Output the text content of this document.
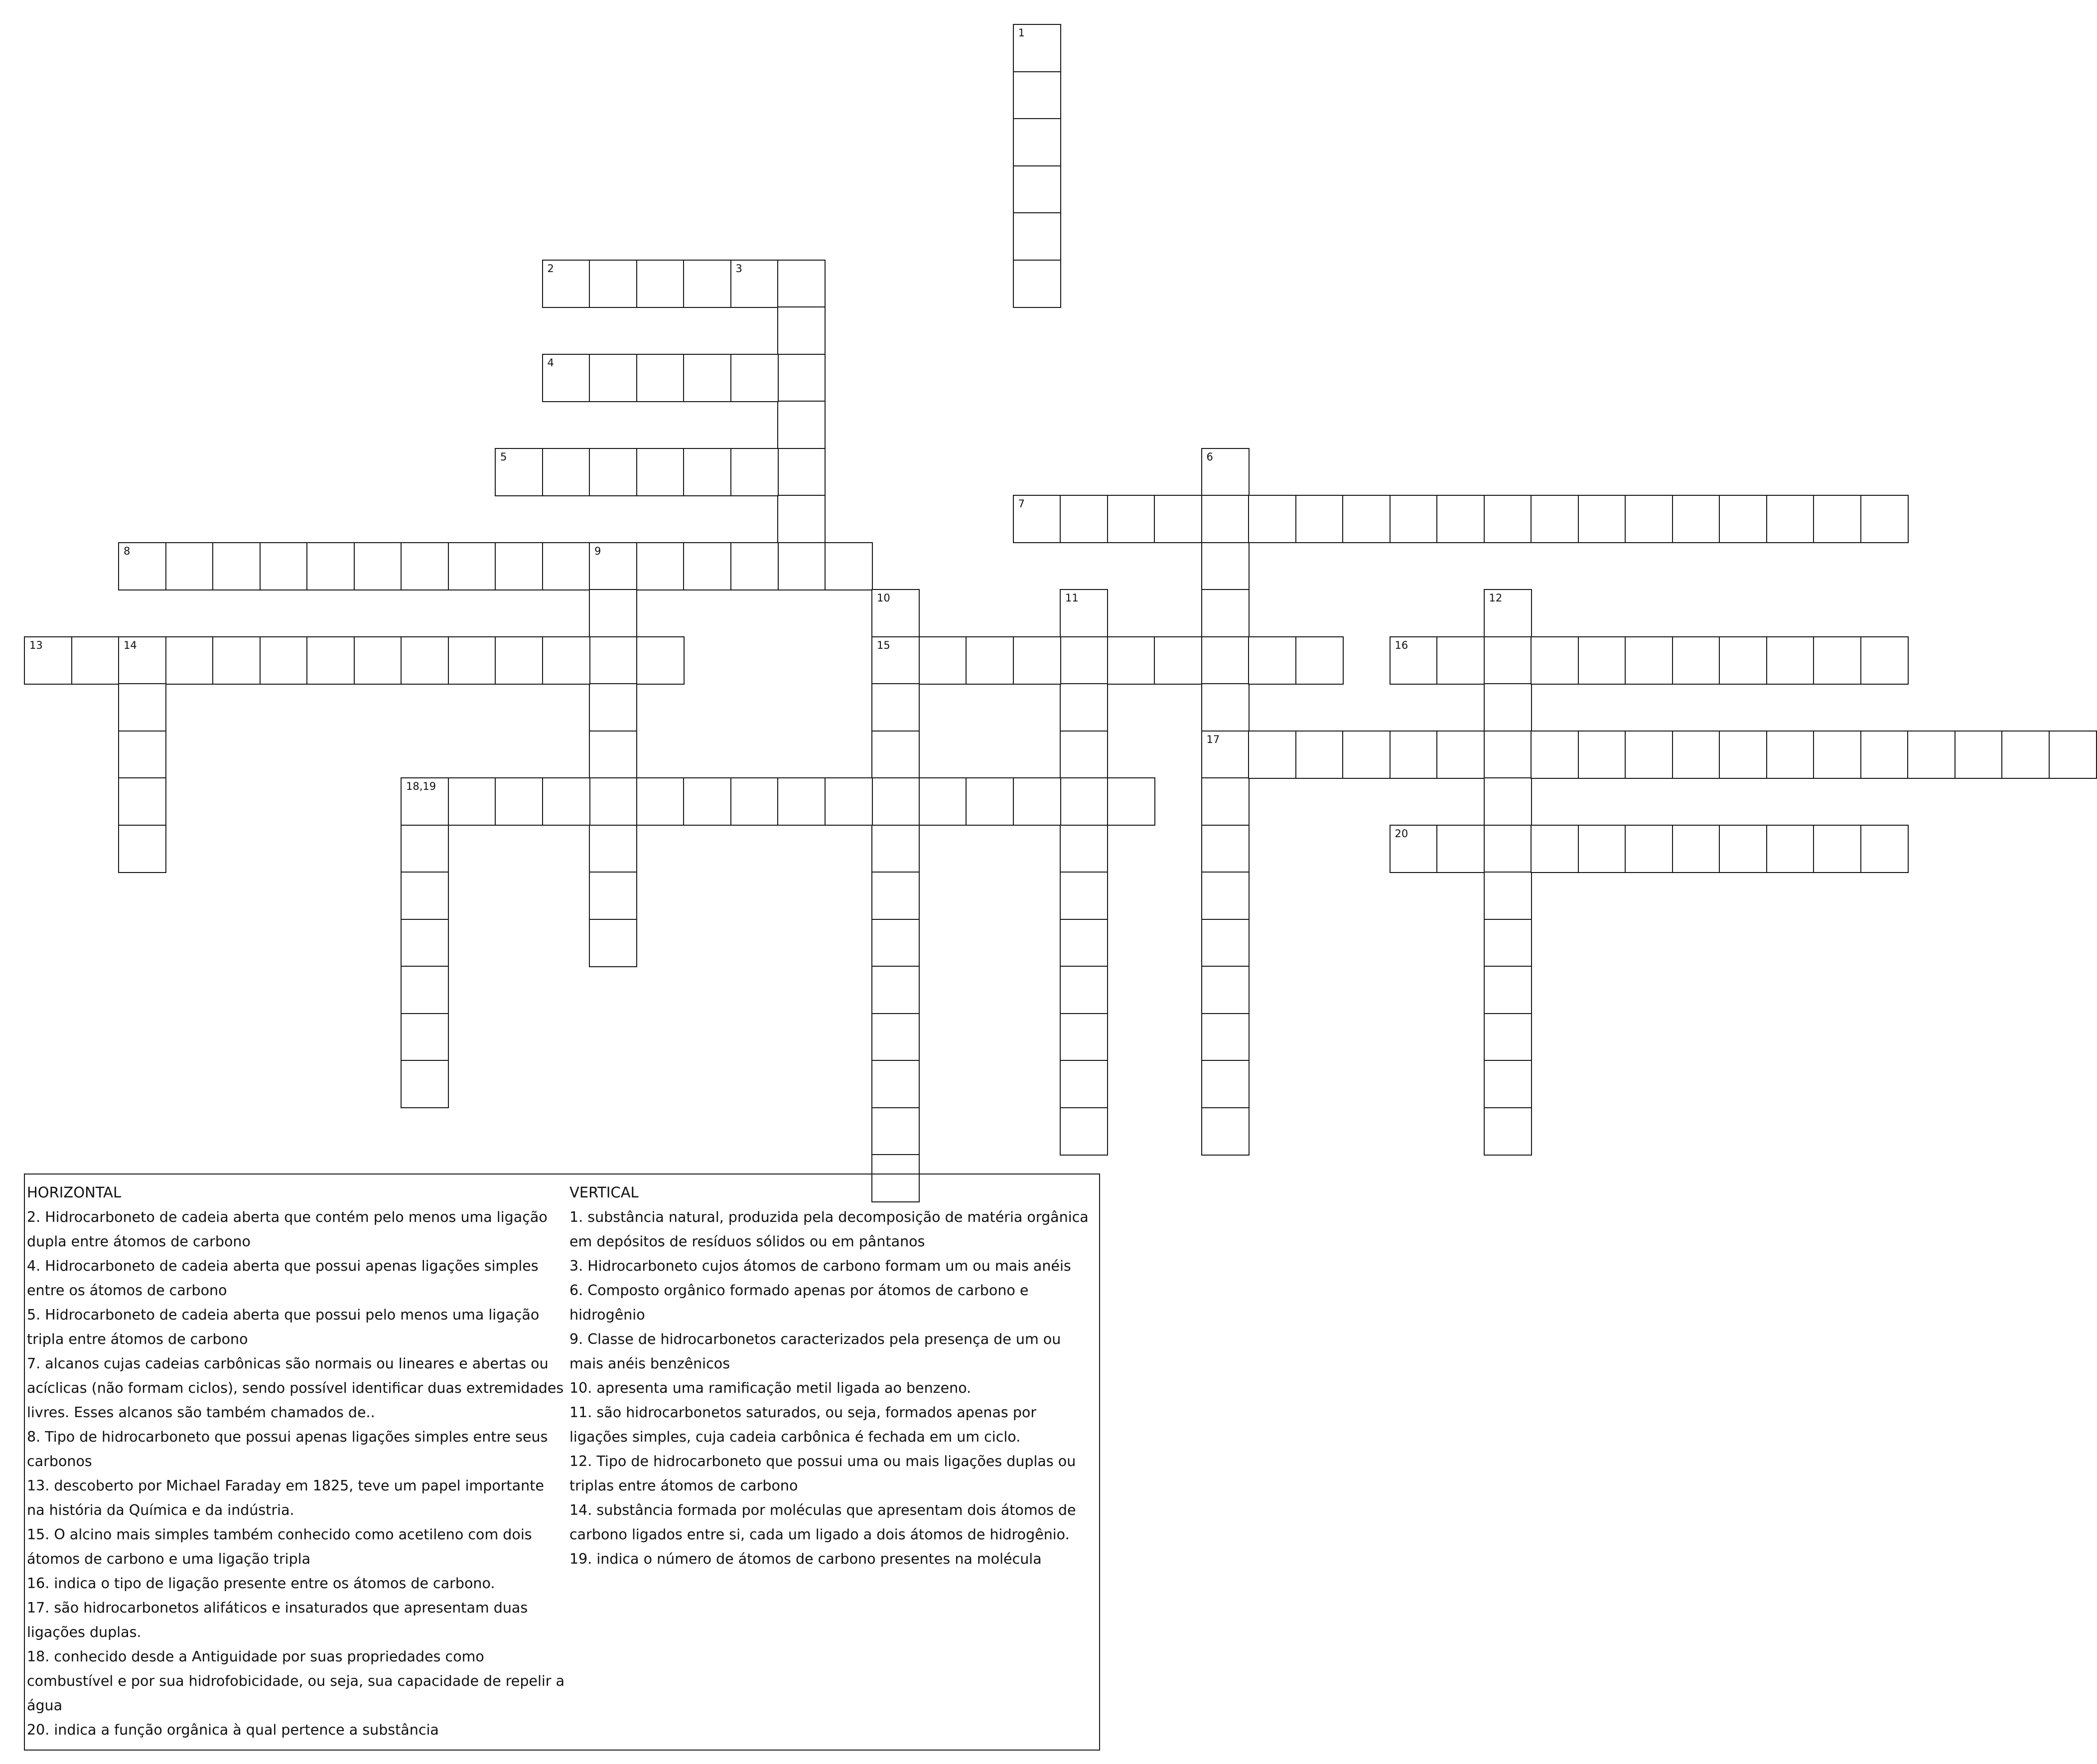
1
2	3
4
5	6
17
7
8	9
10
15
11	12
13	14	16
18,19
20
HORIZONTAL
2. Hidrocarboneto de cadeia aberta que contém pelo menos uma ligação dupla entre átomos de carbono
4. Hidrocarboneto de cadeia aberta que possui apenas ligações simples entre os átomos de carbono
5. Hidrocarboneto de cadeia aberta que possui pelo menos uma ligação tripla entre átomos de carbono
7. alcanos cujas cadeias carbônicas são normais ou lineares e abertas ou acíclicas (não formam ciclos), sendo possível identificar duas extremidades livres. Esses alcanos são também chamados de..
8. Tipo de hidrocarboneto que possui apenas ligações simples entre seus carbonos
13. descoberto por Michael Faraday em 1825, teve um papel importante na história da Química e da indústria.
15. O alcino mais simples também conhecido como acetileno com dois átomos de carbono e uma ligação tripla
16. indica o tipo de ligação presente entre os átomos de carbono.
17. são hidrocarbonetos alifáticos e insaturados que apresentam duas ligações duplas.
18. conhecido desde a Antiguidade por suas propriedades como combustível e por sua hidrofobicidade, ou seja, sua capacidade de repelir a água
20. indica a função orgânica à qual pertence a substância
VERTICAL
1. substância natural, produzida pela decomposição de matéria orgânica em depósitos de resíduos sólidos ou em pântanos
3. Hidrocarboneto cujos átomos de carbono formam um ou mais anéis
6. Composto orgânico formado apenas por átomos de carbono e hidrogênio
9. Classe de hidrocarbonetos caracterizados pela presença de um ou mais anéis benzênicos
10. apresenta uma ramificação metil ligada ao benzeno.
11. são hidrocarbonetos saturados, ou seja, formados apenas por ligações simples, cuja cadeia carbônica é fechada em um ciclo.
12. Tipo de hidrocarboneto que possui uma ou mais ligações duplas ou triplas entre átomos de carbono
14. substância formada por moléculas que apresentam dois átomos de carbono ligados entre si, cada um ligado a dois átomos de hidrogênio.
19. indica o número de átomos de carbono presentes na molécula
